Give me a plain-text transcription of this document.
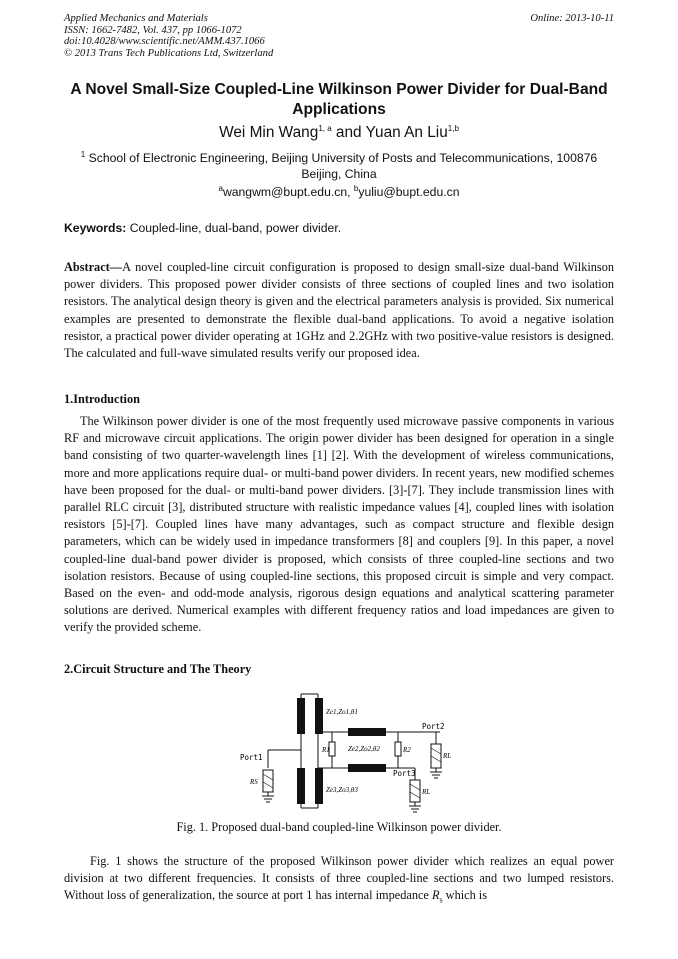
Applied Mechanics and Materials
ISSN: 1662-7482, Vol. 437, pp 1066-1072
doi:10.4028/www.scientific.net/AMM.437.1066
© 2013 Trans Tech Publications Ltd, Switzerland
Online: 2013-10-11
A Novel Small-Size Coupled-Line Wilkinson Power Divider for Dual-Band Applications
Wei Min Wang$^{1, a}$ and Yuan An Liu$^{1,b}$
$^1$ School of Electronic Engineering, Beijing University of Posts and Telecommunications, 100876 Beijing, China
$^a$wangwm@bupt.edu.cn, $^b$yuliu@bupt.edu.cn
Keywords: Coupled-line, dual-band, power divider.
Abstract—A novel coupled-line circuit configuration is proposed to design small-size dual-band Wilkinson power dividers. This proposed power divider consists of three sections of coupled lines and two isolation resistors. The analytical design theory is given and the electrical parameters analysis is provided. Six numerical examples are presented to demonstrate the flexible dual-band applications. To avoid a negative isolation resistor, a practical power divider operating at 1GHz and 2.2GHz with two positive-value resistors is designed. The calculated and full-wave simulated results verify our proposed idea.
1.Introduction
The Wilkinson power divider is one of the most frequently used microwave passive components in various RF and microwave circuit applications. The origin power divider has been designed for operation in a single band consisting of two quarter-wavelength lines [1] [2]. With the development of wireless communications, more and more applications require dual- or multi-band power dividers. In recent years, new modified schemes have been proposed for the dual- or multi-band power dividers. [3]-[7]. They include transmission lines with parallel RLC circuit [3], distributed structure with realistic impedance values [4], coupled lines with isolation resistors [5]-[7]. Coupled lines have many advantages, such as compact structure and flexible design parameters, which can be widely used in impedance transformers [8] and couplers [9]. In this paper, a novel coupled-line dual-band power divider is proposed, which consists of three coupled-line sections and two isolation resistors. Because of using coupled-line sections, this proposed circuit is simple and very compact. Based on the even- and odd-mode analysis, rigorous design equations and analytical scattering parameter solutions are derived. Numerical examples with different frequency ratios and load impedances are given to verify the provided scheme.
2.Circuit Structure and The Theory
Port1
Port2
Port3
Ze1,Zo1,θ1
Ze2,Zo2,θ2
Ze3,Zo3,θ3
R1	R2
RS
RL
RL
Fig. 1. Proposed dual-band coupled-line Wilkinson power divider.
Fig. 1 shows the structure of the proposed Wilkinson power divider which realizes an equal power division at two different frequencies. It consists of three coupled-line sections and two lumped resistors. Without loss of generalization, the source at port 1 has internal impedance $R_s$ which is
